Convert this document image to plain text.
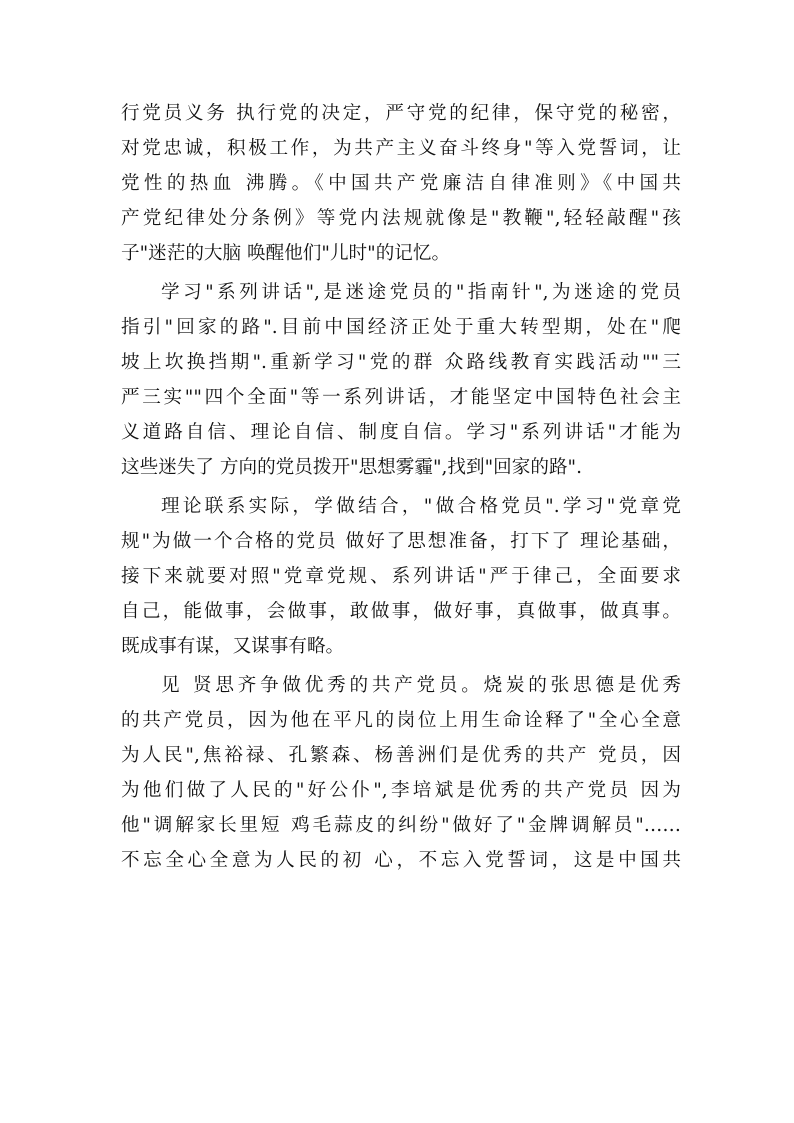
行党员义务 执行党的决定，严守党的纪律，保守党的秘密，
对党忠诚，积极工作，为共产主义奋斗终身"等入党誓词，让
党性的热血 沸腾。《中国共产党廉洁自律准则》《中国共
产党纪律处分条例》等党内法规就像是"教鞭",轻轻敲醒"孩
子"迷茫的大脑 唤醒他们"儿时"的记忆。
学习"系列讲话",是迷途党员的"指南针",为迷途的党员
指引"回家的路".目前中国经济正处于重大转型期，处在"爬
坡上坎换挡期".重新学习"党的群 众路线教育实践活动""三
严三实""四个全面"等一系列讲话，才能坚定中国特色社会主
义道路自信、理论自信、制度自信。学习"系列讲话"才能为
这些迷失了 方向的党员拨开"思想雾霾",找到"回家的路".
理论联系实际，学做结合，"做合格党员".学习"党章党
规"为做一个合格的党员 做好了思想准备，打下了 理论基础，
接下来就要对照"党章党规、系列讲话"严于律己，全面要求
自己，能做事，会做事，敢做事，做好事，真做事，做真事。
既成事有谋，又谋事有略。
见 贤思齐争做优秀的共产党员。烧炭的张思德是优秀
的共产党员，因为他在平凡的岗位上用生命诠释了"全心全意
为人民",焦裕禄、孔繁森、杨善洲们是优秀的共产 党员，因
为他们做了人民的"好公仆",李培斌是优秀的共产党员 因为
他"调解家长里短 鸡毛蒜皮的纠纷"做好了"金牌调解员"……
不忘全心全意为人民的初 心，不忘入党誓词，这是中国共
